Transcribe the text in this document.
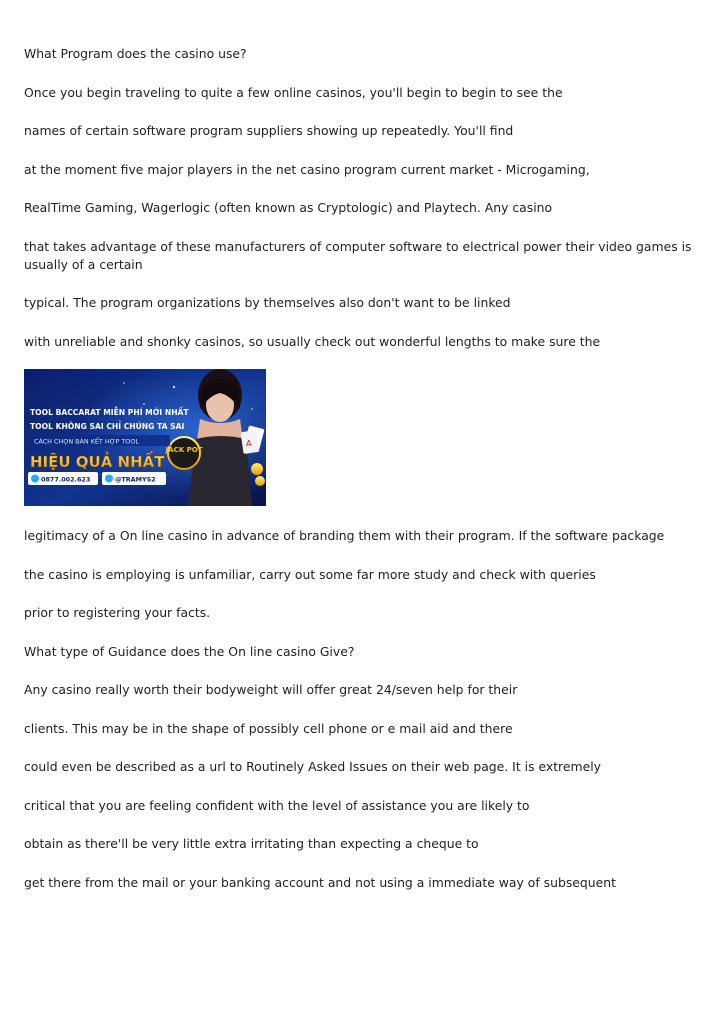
What Program does the casino use?
Once you begin traveling to quite a few online casinos, you'll begin to begin to see the
names of certain software program suppliers showing up repeatedly. You'll find
at the moment five major players in the net casino program current market - Microgaming,
RealTime Gaming, Wagerlogic (often known as Cryptologic) and Playtech. Any casino
that takes advantage of these manufacturers of computer software to electrical power their video games is usually of a certain
typical. The program organizations by themselves also don't want to be linked
with unreliable and shonky casinos, so usually check out wonderful lengths to make sure the
A
JACK POT
TOOL BACCARAT MIỄN PHÍ MỚI NHẤT
TOOL KHÔNG SAI CHỈ CHÚNG TA SAI
CÁCH CHỌN BÀN KẾT HỢP TOOL
HIỆU QUẢ NHẤT
0877.002.623	@TRAMYS2
legitimacy of a On line casino in advance of branding them with their program. If the software package
the casino is employing is unfamiliar, carry out some far more study and check with queries
prior to registering your facts.
What type of Guidance does the On line casino Give?
Any casino really worth their bodyweight will offer great 24/seven help for their
clients. This may be in the shape of possibly cell phone or e mail aid and there
could even be described as a url to Routinely Asked Issues on their web page. It is extremely
critical that you are feeling confident with the level of assistance you are likely to
obtain as there'll be very little extra irritating than expecting a cheque to
get there from the mail or your banking account and not using a immediate way of subsequent
